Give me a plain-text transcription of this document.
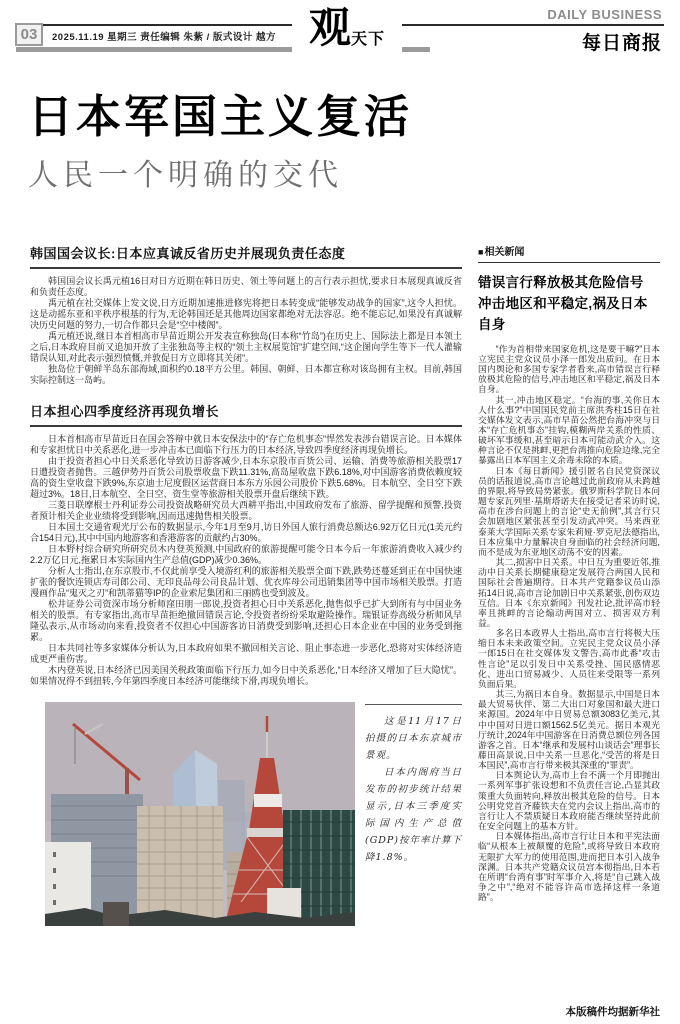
03	2025.11.19 星期三 责任编辑 朱紫 / 版式设计 越方 观 天下
DAILY BUSINESS
每日商报
日本军国主义复活
人民一个明确的交代
韩国国会议长:日本应真诚反省历史并展现负责任态度

韩国国会议长禹元植16日对日方近期在韩日历史、领土等问题上的言行表示担忧,要求日本展现真诚反省和负责任态度。

禹元植在社交媒体上发文说,日方近期加速推进修宪将把日本转变成“能够发动战争的国家”,这令人担忧。这是动摇东亚和平秩序根基的行为,无论韩国还是其他周边国家都绝对无法容忍。绝不能忘记,如果没有真诚解决历史问题的努力,一切合作都只会是“空中楼阁”。

禹元植还说,继日本首相高市早苗近期公开发表宣称独岛(日本称“竹岛”)在历史上、国际法上都是日本领土之后,日本政府目前又追加开放了主张独岛等主权的“领土主权展览馆”扩建空间,“这企图向学生等下一代人灌输错误认知,对此表示强烈愤慨,并敦促日方立即将其关闭”。

独岛位于朝鲜半岛东部海域,面积约0.18平方公里。韩国、朝鲜、日本都宣称对该岛拥有主权。目前,韩国实际控制这一岛屿。

日本担心四季度经济再现负增长

日本首相高市早苗近日在国会答辩中就日本安保法中的“存亡危机事态”悍然发表涉台错误言论。日本媒体和专家担忧日中关系恶化,进一步冲击本已面临下行压力的日本经济,导致四季度经济再现负增长。

由于投资者担心中日关系恶化导致访日游客减少,日本东京股市百货公司、运输、消费等旅游相关股票17日遭投资者抛售。三越伊势丹百货公司股票收盘下跌11.31%,高岛屋收盘下跌6.18%,对中国游客消费依赖度较高的资生堂收盘下跌9%,东京迪士尼度假区运营商日本东方乐园公司股价下跌5.68%。日本航空、全日空下跌超过3%。18日,日本航空、全日空、资生堂等旅游相关股票开盘后继续下跌。

三菱日联摩根士丹利证券公司投资战略研究员大西耕平指出,中国政府发布了旅游、留学提醒和预警,投资者预计相关企业业绩将受到影响,因而迅速抛售相关股票。

日本国土交通省观光厅公布的数据显示,今年1月至9月,访日外国人旅行消费总额达6.92万亿日元(1美元约合154日元),其中中国内地游客和香港游客的贡献约占30%。

日本野村综合研究所研究员木内登英预测,中国政府的旅游提醒可能令日本今后一年旅游消费收入减少约2.2万亿日元,拖累日本实际国内生产总值(GDP)减少0.36%。

分析人士指出,在东京股市,不仅此前享受入境游红利的旅游相关股票全面下跌,跌势还蔓延到正在中国快速扩张的餐饮连锁店寿司郎公司、无印良品母公司良品计划、优衣库母公司迅销集团等中国市场相关股票。打造漫画作品“鬼灭之刃”和凯蒂猫等IP的企业索尼集团和三丽鸥也受到波及。

松井证券公司资深市场分析师窪田朋一郎说,投资者担心日中关系恶化,抛售似乎已扩大到所有与中国业务相关的股票。有专家指出,高市早苗拒绝撤回错误言论,令投资者纷纷采取避险操作。瑞银证券高级分析师风早隆弘表示,从市场动向来看,投资者不仅担心中国游客访日消费受到影响,还担心日本企业在中国的业务受到拖累。

日本共同社等多家媒体分析认为,日本政府如果不撤回相关言论、阻止事态进一步恶化,恐将对实体经济造成更严重伤害。

木内登英说,日本经济已因美国关税政策面临下行压力,如今日中关系恶化,“日本经济又增加了巨大隐忧”。如果情况得不到扭转,今年第四季度日本经济可能继续下滑,再现负增长。

这是11月17日拍摄的日本东京城市景观。

日本内阁府当日发布的初步统计结果显示,日本三季度实际国内生产总值(GDP)按年率计算下降1.8%。

■相关新闻
错误言行释放极其危险信号
冲击地区和平稳定,祸及日本自身

“作为首相带来国家危机,这是要干嘛?”日本立宪民主党众议员小泽一郎发出质问。在日本国内舆论和多国专家学者看来,高市错误言行释放极其危险的信号,冲击地区和平稳定,祸及日本自身。

其一,冲击地区稳定。“台海的事,关你日本人什么事?”中国国民党前主席洪秀柱15日在社交媒体发文表示,高市早苗公然把台海冲突与日本“存亡危机事态”挂钩,模糊两岸关系的性质、破坏军事缓和,甚至暗示日本可能动武介入。这种言论不仅是挑衅,更把台湾推向危险边缘,完全暴露出日本军国主义余毒未除的本质。

日本《每日新闻》援引匿名自民党资深议员的话报道说,高市言论越过此前政府从未跨越的界限,将导致局势紧张。俄罗斯科学院日本问题专家瓦列里·基斯塔诺夫在接受记者采访时说,高市在涉台问题上的言论“史无前例”,其言行只会加剧地区紧张甚至引发动武冲突。马来西亚泰莱大学国际关系专家朱莉娅·罗克尼法德指出,日本应集中力量解决自身面临的社会经济问题,而不是成为东亚地区动荡不安的因素。

其二,损害中日关系。中日互为重要近邻,推动中日关系长期健康稳定发展符合两国人民和国际社会普遍期待。日本共产党籍参议员山添拓14日说,高市言论加剧日中关系紧张,创伤双边互信。日本《东京新闻》刊发社论,批评高市轻率且挑衅的言论煽动两国对立、损害双方利益。

多名日本政界人士指出,高市言行将极大压缩日本未来政策空间。立宪民主党众议员小泽一郎15日在社交媒体发文警告,高市此番“攻击性言论”足以引发日中关系受挫、国民感情恶化、进出口贸易减少、人员往来受限等一系列负面后果。

其三,为祸日本自身。数据显示,中国是日本最大贸易伙伴、第二大出口对象国和最大进口来源国。2024年中日贸易总额3083亿美元,其中中国对日进口额1562.5亿美元。据日本观光厅统计,2024年中国游客在日消费总额位列各国游客之首。日本“继承和发展村山谈话会”理事长藤田高景说,日中关系一旦恶化,“受苦的将是日本国民”,高市言行带来极其深重的“罪责”。

日本舆论认为,高市上台不满一个月即抛出一系列军事扩张设想和不负责任言论,凸显其政策重大负面转向,释放出极其危险的信号。日本公明党党首齐藤铁夫在党内会议上指出,高市的言行让人不禁质疑日本政府能否继续坚持此前在安全问题上的基本方针。

日本媒体指出,高市言行让日本和平宪法面临“从根本上被颠覆的危险”,或将导致日本政府无限扩大军力的使用范围,进而把日本引入战争深渊。日本共产党籍众议员宫本彻指出,日本若在所谓“台湾有事”时军事介入,将是“自己跳入战争之中”,“绝对不能容许高市选择这样一条道路”。

本版稿件均据新华社
